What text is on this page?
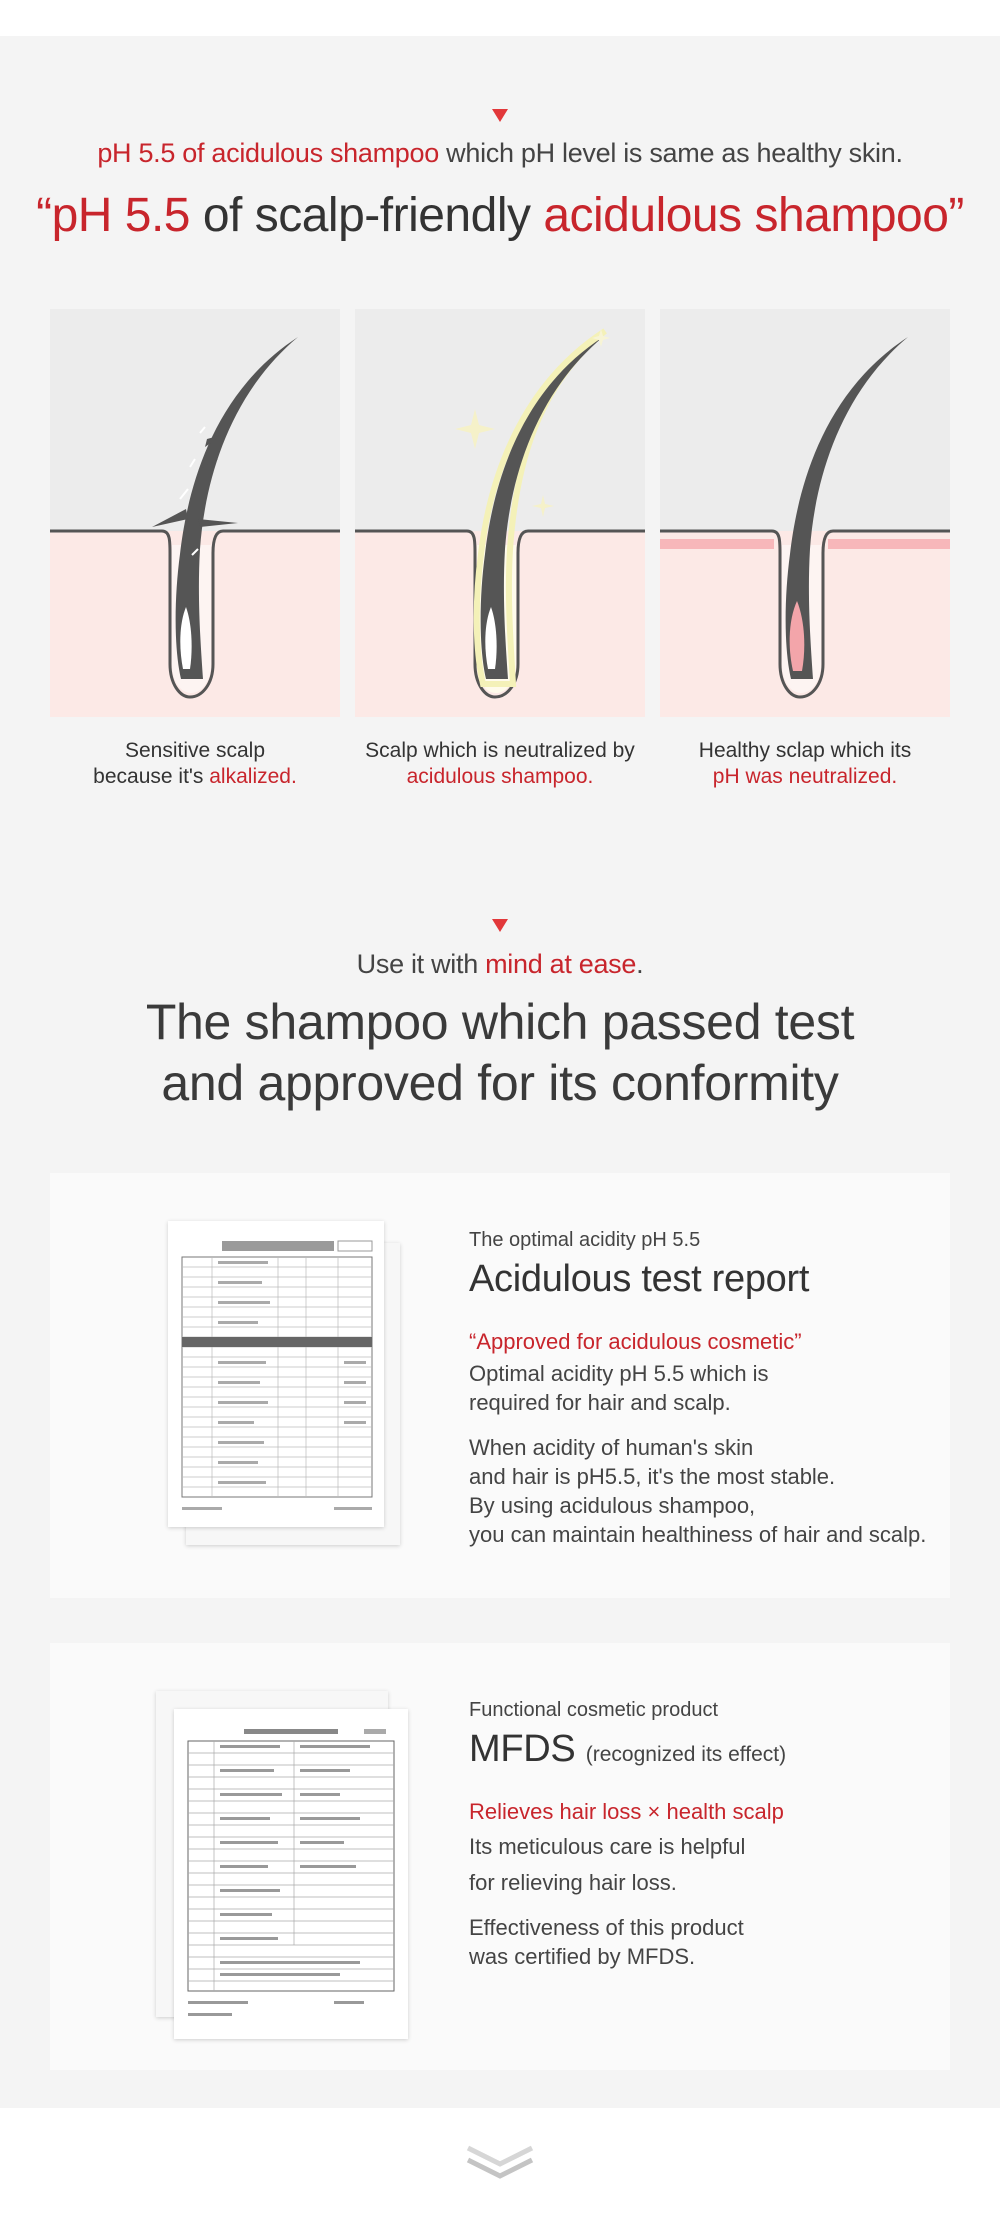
pH 5.5 of acidulous shampoo which pH level is same as healthy skin.
“pH 5.5 of scalp-friendly acidulous shampoo”
Sensitive scalp
because it's alkalized.
Scalp which is neutralized by
acidulous shampoo.
Healthy sclap which its
pH was neutralized.
Use it with mind at ease.
The shampoo which passed test
and approved for its conformity
The optimal acidity pH 5.5
Acidulous test report
“Approved for acidulous cosmetic”
Optimal acidity pH 5.5 which is
required for hair and scalp.
When acidity of human's skin
and hair is pH5.5, it's the most stable.
By using acidulous shampoo,
you can maintain healthiness of hair and scalp.
Functional cosmetic product
MFDS (recognized its effect)
Relieves hair loss × health scalp
Its meticulous care is helpful
for relieving hair loss.
Effectiveness of this product
was certified by MFDS.
